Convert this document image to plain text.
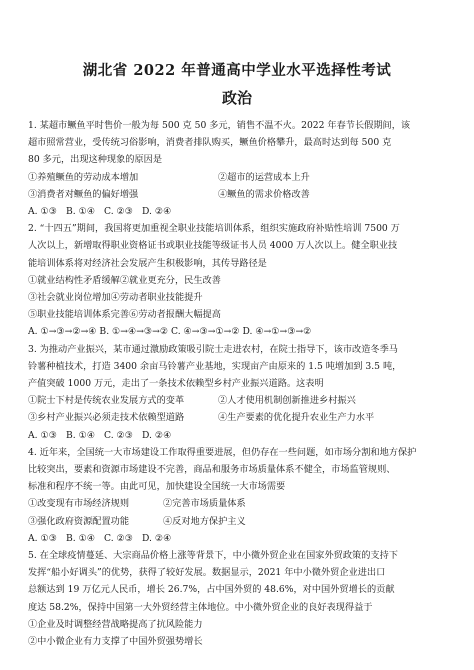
湖北省 2022 年普通高中学业水平选择性考试
政治
1. 某超市鳜鱼平时售价一般为每 500 克 50 多元，销售不温不火。2022 年春节长假期间，该
超市照常营业，受传统习俗影响，消费者排队购买，鳜鱼价格攀升，最高时达到每 500 克
80 多元，出现这种现象的原因是
①养殖鳜鱼的劳动成本增加	②超市的运营成本上升
③消费者对鳜鱼的偏好增强	④鳜鱼的需求价格改善
A. ①③ B. ①④ C. ②③ D. ②④
2. “十四五”期间，我国将更加重视全职业技能培训体系，组织实施政府补贴性培训 7500 万
人次以上，新增取得职业资格证书或职业技能等级证书人员 4000 万人次以上。健全职业技
能培训体系将对经济社会发展产生积极影响，其传导路径是
①就业结构性矛盾缓解②就业更充分，民生改善
③社会就业岗位增加④劳动者职业技能提升
⑤职业技能培训体系完善⑥劳动者报酬大幅提高
A. ①→③→②→④ B. ①→④→③→② C. ④→③→①→② D. ④→①→③→②
3. 为推动产业振兴，某市通过激励政策吸引院士走进农村，在院士指导下，该市改造冬季马
铃薯种植技术，打造 3400 余亩马铃薯产业基地，实现亩产由原来的 1.5 吨增加到 3.5 吨，
产值突破 1000 万元，走出了一条技术依赖型乡村产业振兴道路。这表明
①院士下村是传统农业发展方式的变革	②人才使用机制创新推进乡村振兴
③乡村产业振兴必须走技术依赖型道路	④生产要素的优化提升农业生产力水平
A. ①③ B. ①④ C. ②③ D. ②④
4. 近年来，全国统一大市场建设工作取得重要进展，但仍存在一些问题，如市场分割和地方保护
比较突出，要素和资源市场建设不完善，商品和服务市场质量体系不健全，市场监管规则、
标准和程序不统一等。由此可见，加快建设全国统一大市场需要
①改变现有市场经济规则	②完善市场质量体系
③强化政府资源配置功能	④反对地方保护主义
A. ①③ B. ①④ C. ②③ D. ②④
5. 在全球疫情蔓延、大宗商品价格上涨等背景下，中小微外贸企业在国家外贸政策的支持下
发挥“船小好调头”的优势，获得了较好发展。数据显示，2021 年中小微外贸企业进出口
总额达到 19 万亿元人民币，增长 26.7%，占中国外贸的 48.6%，对中国外贸增长的贡献
度达 58.2%，保持中国第一大外贸经营主体地位。中小微外贸企业的良好表现得益于
①企业及时调整经营战略提高了抗风险能力
②中小微企业有力支撑了中国外贸强势增长
